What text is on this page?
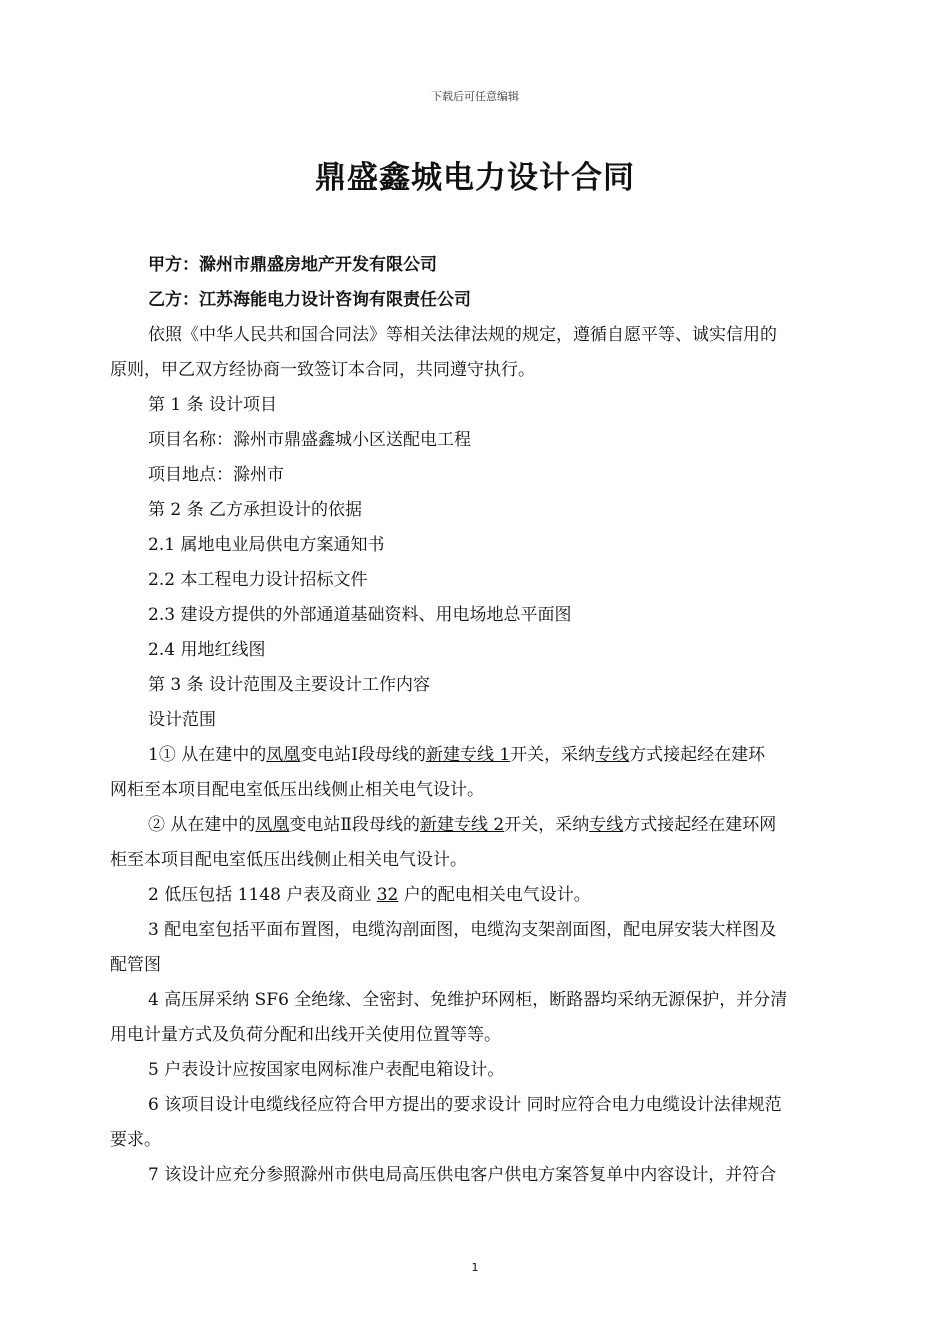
下载后可任意编辑
鼎盛鑫城电力设计合同
甲方：滁州市鼎盛房地产开发有限公司
乙方：江苏海能电力设计咨询有限责任公司
依照《中华人民共和国合同法》等相关法律法规的规定，遵循自愿平等、诚实信用的
原则，甲乙双方经协商一致签订本合同，共同遵守执行。
第 1 条 设计项目
项目名称：滁州市鼎盛鑫城小区送配电工程
项目地点：滁州市
第 2 条 乙方承担设计的依据
2.1 属地电业局供电方案通知书
2.2 本工程电力设计招标文件
2.3 建设方提供的外部通道基础资料、用电场地总平面图
2.4 用地红线图
第 3 条 设计范围及主要设计工作内容
设计范围
1① 从在建中的凤凰变电站Ⅰ段母线的新建专线 1开关，采纳专线方式接起经在建环
网柜至本项目配电室低压出线侧止相关电气设计。
② 从在建中的凤凰变电站Ⅱ段母线的新建专线 2开关，采纳专线方式接起经在建环网
柜至本项目配电室低压出线侧止相关电气设计。
2 低压包括 1148 户表及商业 32 户的配电相关电气设计。
3 配电室包括平面布置图，电缆沟剖面图，电缆沟支架剖面图，配电屏安装大样图及
配管图
4 高压屏采纳 SF6 全绝缘、全密封、免维护环网柜，断路器均采纳无源保护，并分清
用电计量方式及负荷分配和出线开关使用位置等等。
5 户表设计应按国家电网标准户表配电箱设计。
6 该项目设计电缆线径应符合甲方提出的要求设计 同时应符合电力电缆设计法律规范
要求。
7 该设计应充分参照滁州市供电局高压供电客户供电方案答复单中内容设计，并符合
1
